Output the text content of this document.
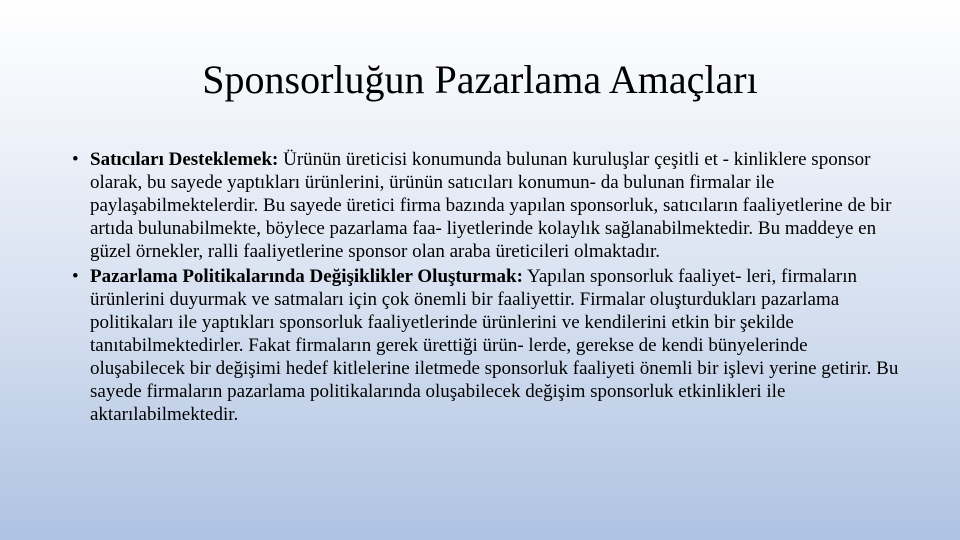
Sponsorluğun Pazarlama Amaçları
• Satıcıları Desteklemek: Ürünün üreticisi konumunda bulunan kuruluşlar çeşitli et - kinliklere sponsor olarak, bu sayede yaptıkları ürünlerini, ürünün satıcıları konumun- da bulunan firmalar ile paylaşabilmektelerdir. Bu sayede üretici firma bazında yapılan sponsorluk, satıcıların faaliyetlerine de bir artıda bulunabilmekte, böylece pazarlama faa- liyetlerinde kolaylık sağlanabilmektedir. Bu maddeye en güzel örnekler, ralli faaliyetlerine sponsor olan araba üreticileri olmaktadır.
• Pazarlama Politikalarında Değişiklikler Oluşturmak: Yapılan sponsorluk faaliyet- leri, firmaların ürünlerini duyurmak ve satmaları için çok önemli bir faaliyettir. Firmalar oluşturdukları pazarlama politikaları ile yaptıkları sponsorluk faaliyetlerinde ürünlerini ve kendilerini etkin bir şekilde tanıtabilmektedirler. Fakat firmaların gerek ürettiği ürün- lerde, gerekse de kendi bünyelerinde oluşabilecek bir değişimi hedef kitlelerine iletmede sponsorluk faaliyeti önemli bir işlevi yerine getirir. Bu sayede firmaların pazarlama politikalarında oluşabilecek değişim sponsorluk etkinlikleri ile aktarılabilmektedir.
